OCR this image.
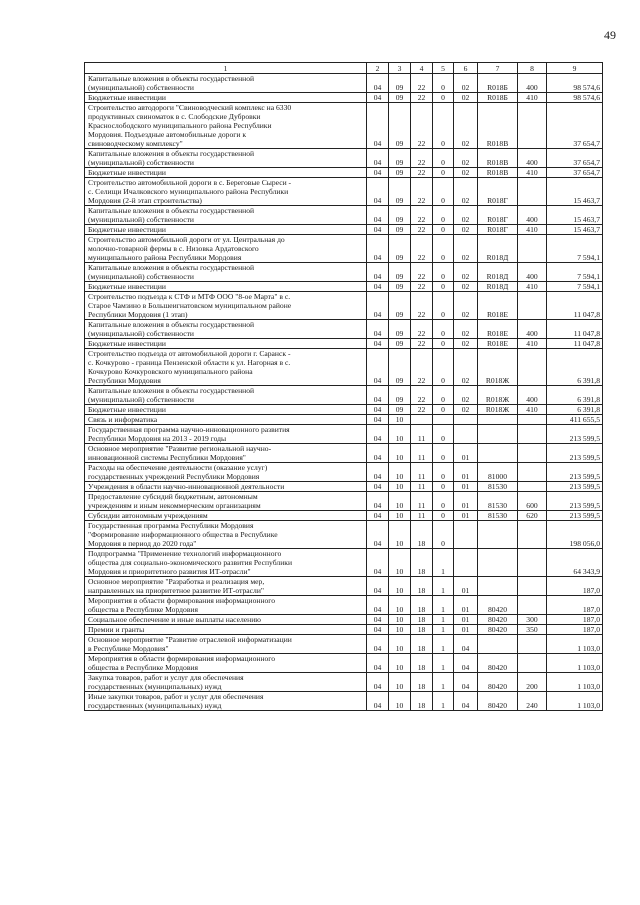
49
1	2	3	4	5	6	7	8	9

Капитальные вложения в объекты государственной
(муниципальной) собственности	04	09	22	0	02	R018Б	400	98 574,6

Бюджетные инвестиции	04	09	22	0	02	R018Б	410	98 574,6

Строительство автодороги "Свиноводческий комплекс на 6330
продуктивных свиноматок в с. Слободские Дубровки
Краснослободского муниципального района Республики
Мордовия. Подъездные автомобильные дороги к
свиноводческому комплексу"	04	09	22	0	02	R018В		37 654,7

Капитальные вложения в объекты государственной
(муниципальной) собственности	04	09	22	0	02	R018В	400	37 654,7

Бюджетные инвестиции	04	09	22	0	02	R018В	410	37 654,7

Строительство автомобильной дороги в с. Береговые Сыреси -
с. Селищи Ичалковского муниципального района Республики
Мордовия (2-й этап строительства)	04	09	22	0	02	R018Г		15 463,7

Капитальные вложения в объекты государственной
(муниципальной) собственности	04	09	22	0	02	R018Г	400	15 463,7

Бюджетные инвестиции	04	09	22	0	02	R018Г	410	15 463,7

Строительство автомобильной дороги от ул. Центральная до
молочно-товарной фермы в с. Низовка Ардатовского
муниципального района Республики Мордовия	04	09	22	0	02	R018Д		7 594,1

Капитальные вложения в объекты государственной
(муниципальной) собственности	04	09	22	0	02	R018Д	400	7 594,1

Бюджетные инвестиции	04	09	22	0	02	R018Д	410	7 594,1

Строительство подъезда к СТФ и МТФ ООО "8-ое Марта" в с.
Старое Чамзино в Большеигнатовском муниципальном районе
Республики Мордовия (1 этап)	04	09	22	0	02	R018Е		11 047,8

Капитальные вложения в объекты государственной
(муниципальной) собственности	04	09	22	0	02	R018Е	400	11 047,8

Бюджетные инвестиции	04	09	22	0	02	R018Е	410	11 047,8

Строительство подъезда от автомобильной дороги г. Саранск -
с. Кочкурово - граница Пензенской области к ул. Нагорная в с.
Кочкурово Кочкуровского муниципального района
Республики Мордовия	04	09	22	0	02	R018Ж		6 391,8

Капитальные вложения в объекты государственной
(муниципальной) собственности	04	09	22	0	02	R018Ж	400	6 391,8

Бюджетные инвестиции	04	09	22	0	02	R018Ж	410	6 391,8

Связь и информатика	04	10						411 655,5

Государственная программа научно-инновационного развития
Республики Мордовия на 2013 - 2019 годы	04	10	11	0				213 599,5

Основное мероприятие "Развитие региональной научно-
инновационной системы Республики Мордовия"	04	10	11	0	01			213 599,5

Расходы на обеспечение деятельности (оказание услуг)
государственных учреждений Республики Мордовия	04	10	11	0	01	81000		213 599,5

Учреждения в области научно-инновационной деятельности	04	10	11	0	01	81530		213 599,5

Предоставление субсидий бюджетным, автономным
учреждениям и иным некоммерческим организациям	04	10	11	0	01	81530	600	213 599,5

Субсидии автономным учреждениям	04	10	11	0	01	81530	620	213 599,5

Государственная программа Республики Мордовия
"Формирование информационного общества в Республике
Мордовия в период до 2020 года"	04	10	18	0				198 056,0

Подпрограмма "Применение технологий информационного
общества для социально-экономического развития Республики
Мордовия и приоритетного развития ИТ-отрасли"	04	10	18	1				64 343,9

Основное мероприятие "Разработка и реализация мер,
направленных на приоритетное развитие ИТ-отрасли"	04	10	18	1	01			187,0

Мероприятия в области формирования информационного
общества в Республике Мордовия	04	10	18	1	01	80420		187,0

Социальное обеспечение и иные выплаты населению	04	10	18	1	01	80420	300	187,0

Премии и гранты	04	10	18	1	01	80420	350	187,0

Основное мероприятие "Развитие отраслевой информатизации
в Республике Мордовия"	04	10	18	1	04			1 103,0

Мероприятия в области формирования информационного
общества в Республике Мордовия	04	10	18	1	04	80420		1 103,0

Закупка товаров, работ и услуг для обеспечения
государственных (муниципальных) нужд	04	10	18	1	04	80420	200	1 103,0

Иные закупки товаров, работ и услуг для обеспечения
государственных (муниципальных) нужд	04	10	18	1	04	80420	240	1 103,0
